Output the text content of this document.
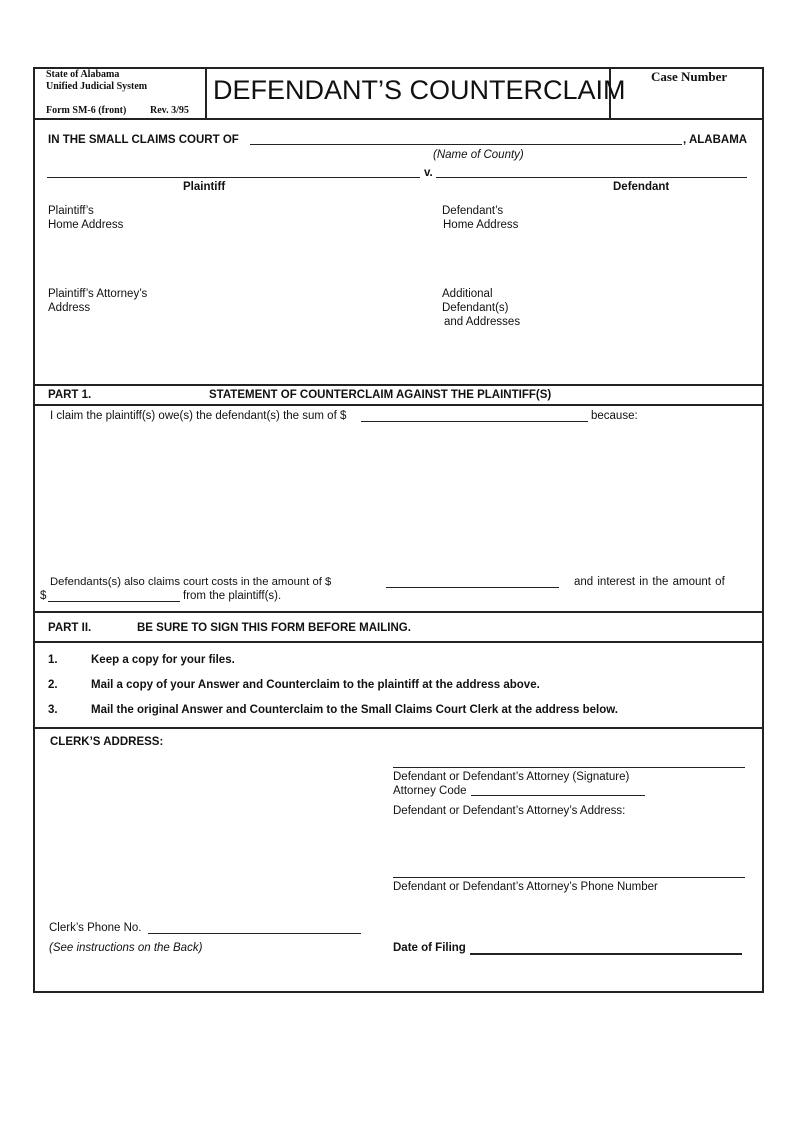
State of Alabama
Unified Judicial System
Form SM-6 (front) Rev. 3/95
DEFENDANT’S COUNTERCLAIM Case Number
IN THE SMALL CLAIMS COURT OF	, ALABAMA
(Name of County)
v.
Plaintiff	Defendant
Plaintiff’s
Home Address
Defendant’s
Home Address
Plaintiff’s Attorney’s
Address
Additional
Defendant(s)
and Addresses
PART 1.	STATEMENT OF COUNTERCLAIM AGAINST THE PLAINTIFF(S)
I claim the plaintiff(s) owe(s) the defendant(s) the sum of $	because:
Defendants(s) also claims court costs in the amount of $	and interest in the amount of
$	from the plaintiff(s).
PART II.	BE SURE TO SIGN THIS FORM BEFORE MAILING.
1.	Keep a copy for your files.
2.	Mail a copy of your Answer and Counterclaim to the plaintiff at the address above.
3.	Mail the original Answer and Counterclaim to the Small Claims Court Clerk at the address below.
CLERK’S ADDRESS:
Defendant or Defendant’s Attorney (Signature)
Attorney Code
Defendant or Defendant’s Attorney’s Address:
Defendant or Defendant’s Attorney’s Phone Number
Clerk’s Phone No.
(See instructions on the Back)	Date of Filing
